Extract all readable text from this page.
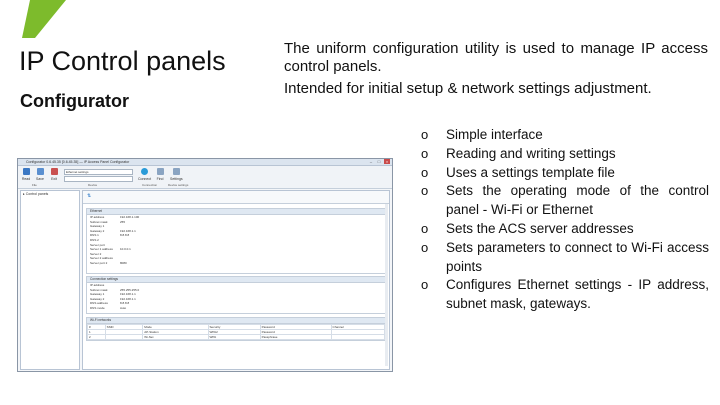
IP Control panels
Configurator

The uniform configuration utility is used to manage IP access control panels.

Intended for initial setup & network settings adjustment.

o Simple interface
o Reading and writing settings
o Uses a settings template file
o Sets the operating mode of the control panel - Wi-Fi or Ethernet
o Sets the ACS server addresses
o Sets parameters to connect to Wi-Fi access points
o Configures Ethernet settings - IP address, subnet mask, gateways.
Configurator 0.6.45.35 [0.6.45.35] — IP Access Panel Configurator	–	□	×
Read	Save	Exit
Ethernet settings
Connect	Find	Settings
File	Device	Connection	Device settings
▸ Control panels	⇅
Ethernet
IP address	192.168.1.100
Subnet mask	255
Gateway 1
Gateway 2	192.168.1.1
DNS 1	8.8.8.8
DNS 2
Server port
Server 1 address	10.0.0.1
Server 2
Server 2 address
Server port 2	8080
Connection settings
IP address
Subnet mask	255.255.255.0
Gateway 1	192.168.1.1
Gateway 2	192.168.1.1
DNS address	8.8.8.8
DNS mode	Auto
Wi-Fi networks
#	SSID	Mode	Security	Password	Channel
1		AP-Station	WPA2	Password	
2		Wi-Net	WPA	Passphrase	
